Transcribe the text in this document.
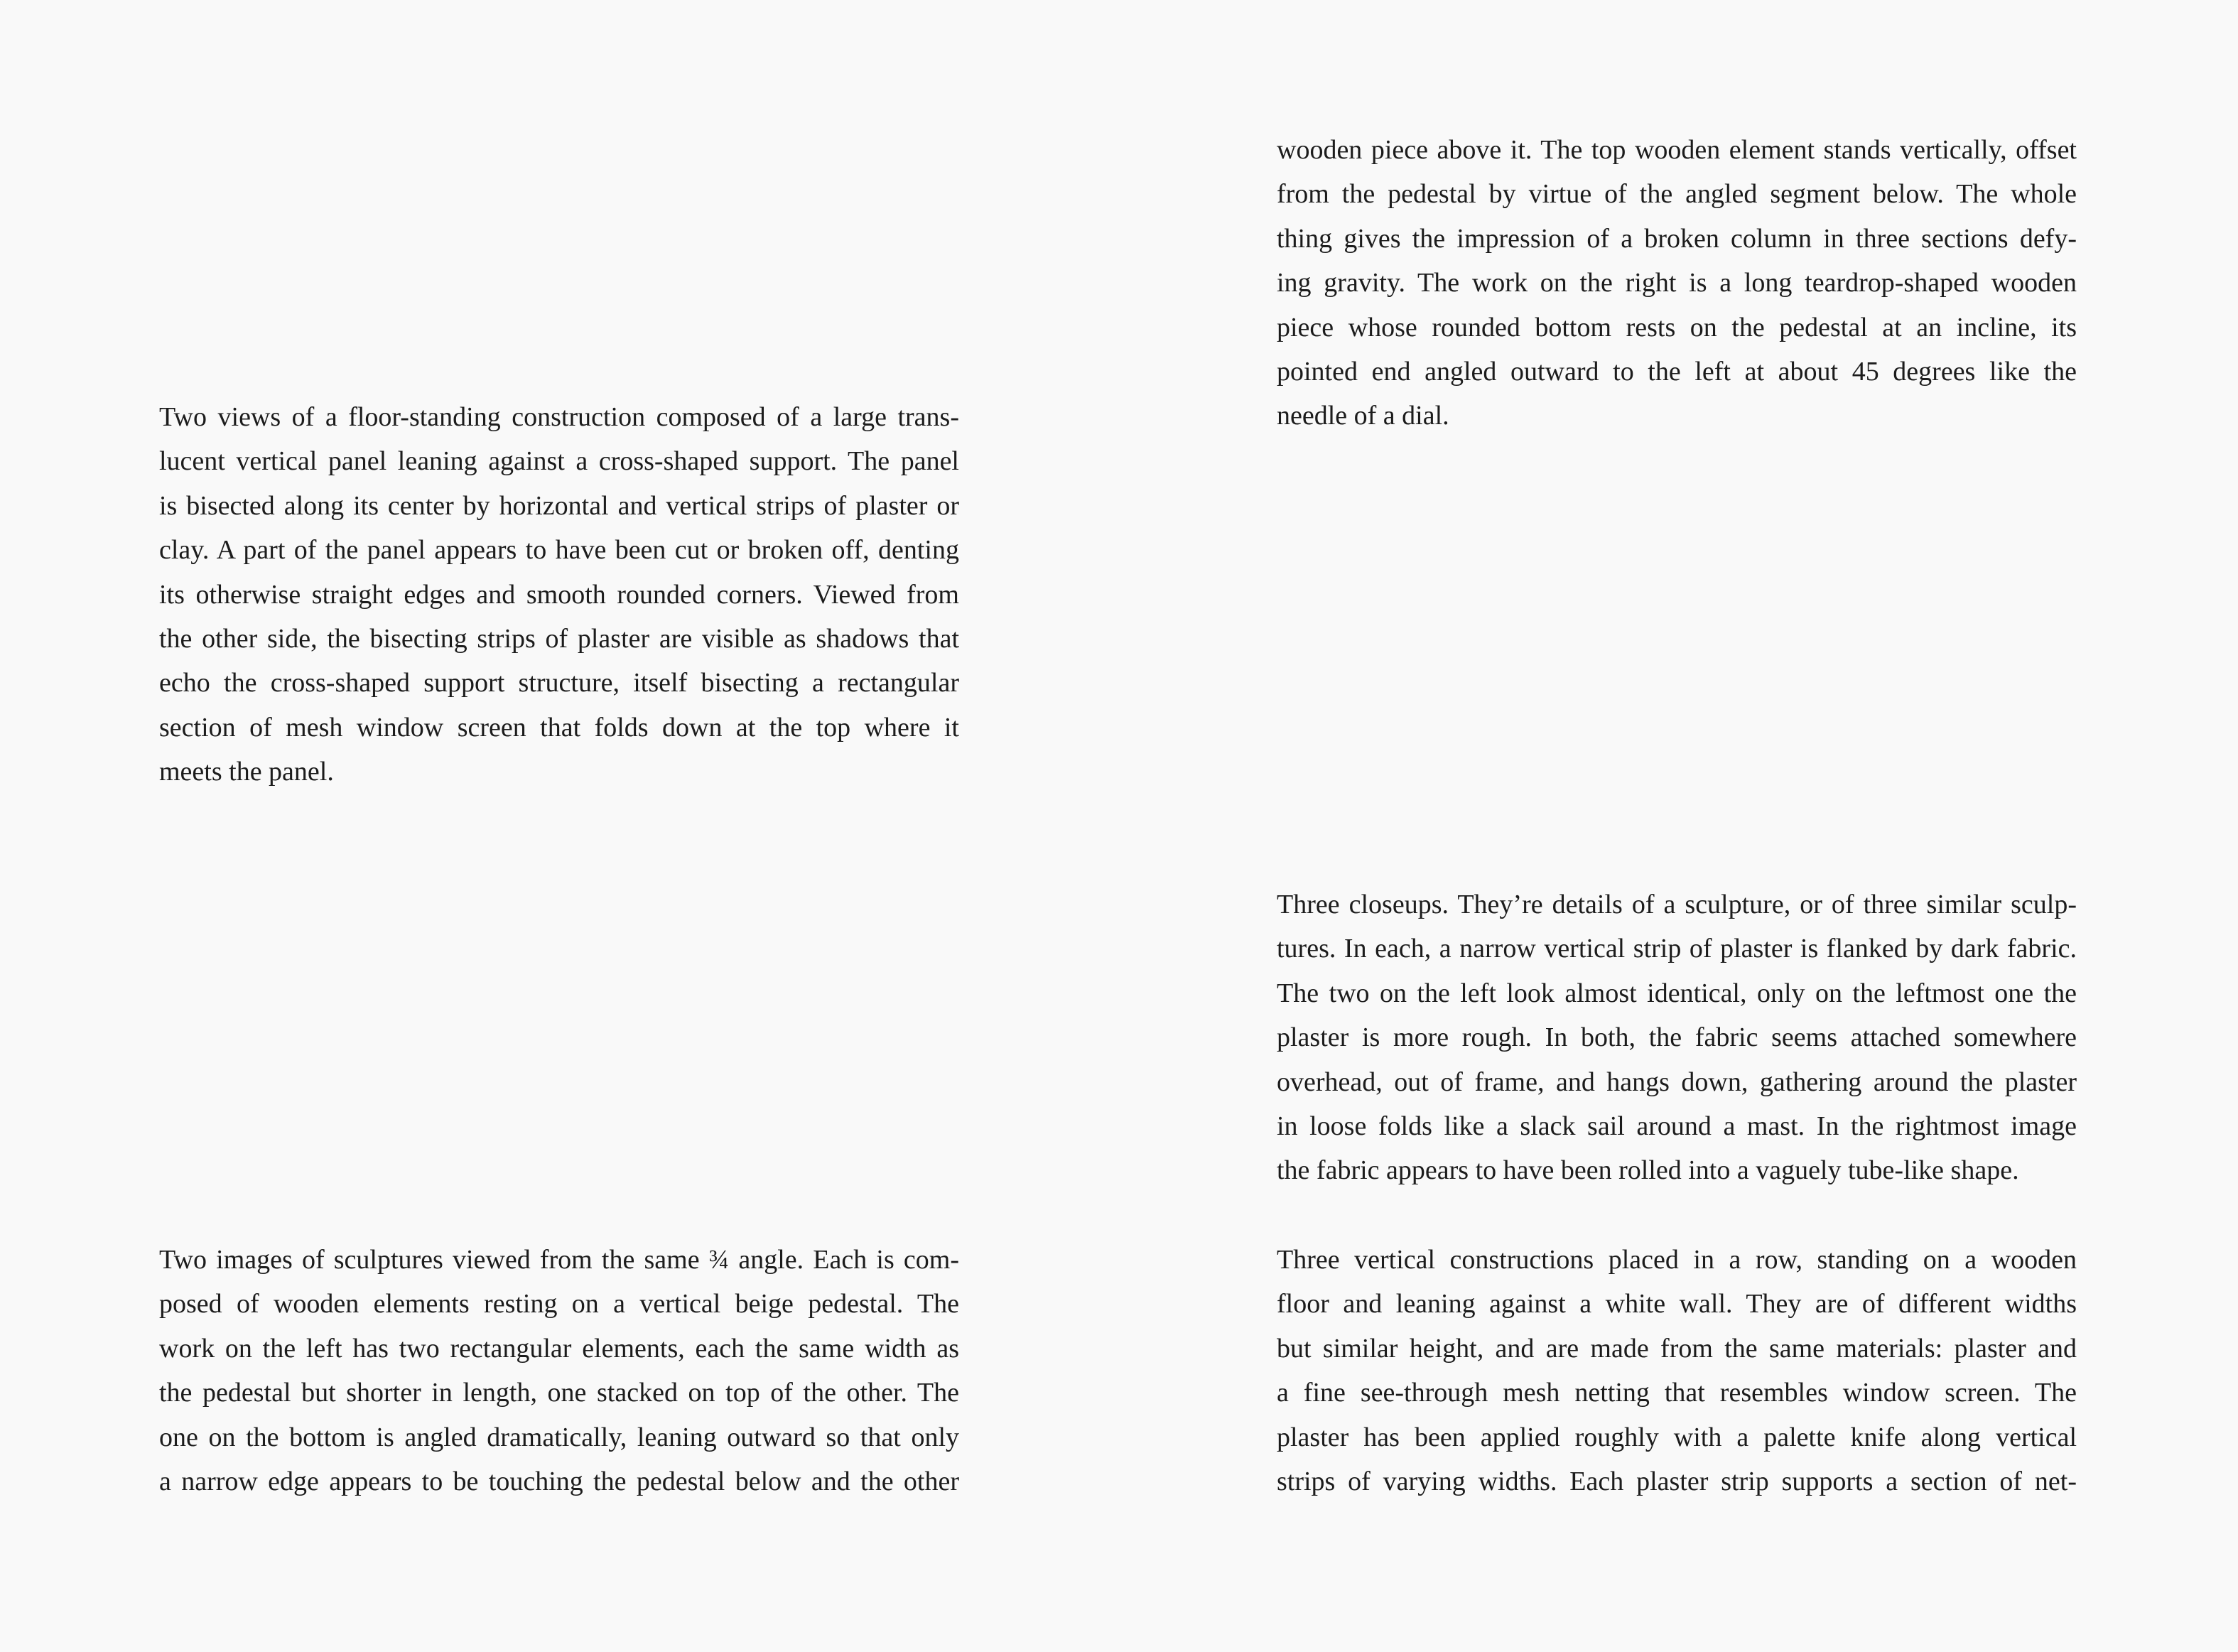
Two views of a floor-standing construction composed of a large trans-
lucent vertical panel leaning against a cross-shaped support. The panel
is bisected along its center by horizontal and vertical strips of plaster or
clay. A part of the panel appears to have been cut or broken off, denting
its otherwise straight edges and smooth rounded corners. Viewed from
the other side, the bisecting strips of plaster are visible as shadows that
echo the cross-shaped support structure, itself bisecting a rectangular
section of mesh window screen that folds down at the top where it
meets the panel.

Two images of sculptures viewed from the same ¾ angle. Each is com-
posed of wooden elements resting on a vertical beige pedestal. The
work on the left has two rectangular elements, each the same width as
the pedestal but shorter in length, one stacked on top of the other. The
one on the bottom is angled dramatically, leaning outward so that only
a narrow edge appears to be touching the pedestal below and the other

wooden piece above it. The top wooden element stands vertically, offset
from the pedestal by virtue of the angled segment below. The whole
thing gives the impression of a broken column in three sections defy-
ing gravity. The work on the right is a long teardrop-shaped wooden
piece whose rounded bottom rests on the pedestal at an incline, its
pointed end angled outward to the left at about 45 degrees like the
needle of a dial.

Three closeups. They’re details of a sculpture, or of three similar sculp-
tures. In each, a narrow vertical strip of plaster is flanked by dark fabric.
The two on the left look almost identical, only on the leftmost one the
plaster is more rough. In both, the fabric seems attached somewhere
overhead, out of frame, and hangs down, gathering around the plaster
in loose folds like a slack sail around a mast. In the rightmost image
the fabric appears to have been rolled into a vaguely tube-like shape.

Three vertical constructions placed in a row, standing on a wooden
floor and leaning against a white wall. They are of different widths
but similar height, and are made from the same materials: plaster and
a fine see-through mesh netting that resembles window screen. The
plaster has been applied roughly with a palette knife along vertical
strips of varying widths. Each plaster strip supports a section of net-
